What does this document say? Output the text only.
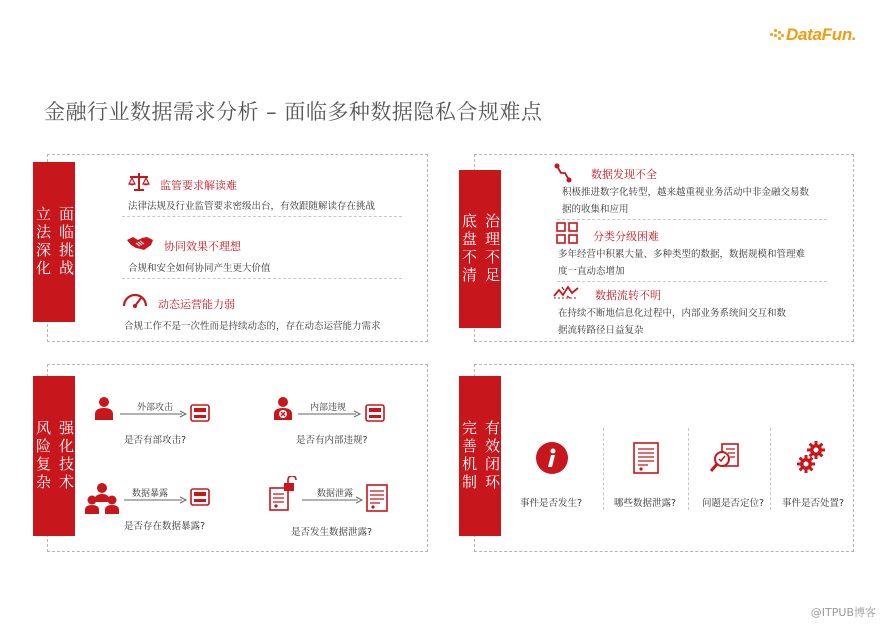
DataFun.
金融行业数据需求分析 – 面临多种数据隐私合规难点
立法深化 面临挑战
监管要求解读难
法律法规及行业监管要求密级出台，有效跟随解读存在挑战
协同效果不理想
合规和安全如何协同产生更大价值
动态运营能力弱
合规工作不是一次性而是持续动态的，存在动态运营能力需求
底盘不清 治理不足
数据发现不全
积极推进数字化转型，越来越重视业务活动中非金融交易数
据的收集和应用
分类分级困难
多年经营中积累大量、多种类型的数据，数据规模和管理难
度一直动态增加
数据流转不明
在持续不断地信息化过程中，内部业务系统间交互和数
据流转路径日益复杂
风险复杂 强化技术
外部攻击
是否有部攻击?
内部违规
是否有内部违规?
数据暴露
是否存在数据暴露?
数据泄露
是否发生数据泄露?
完善机制 有效闭环
事件是否发生?	哪些数据泄露?	问题是否定位? 事件是否处置?
@ITPUB博客
